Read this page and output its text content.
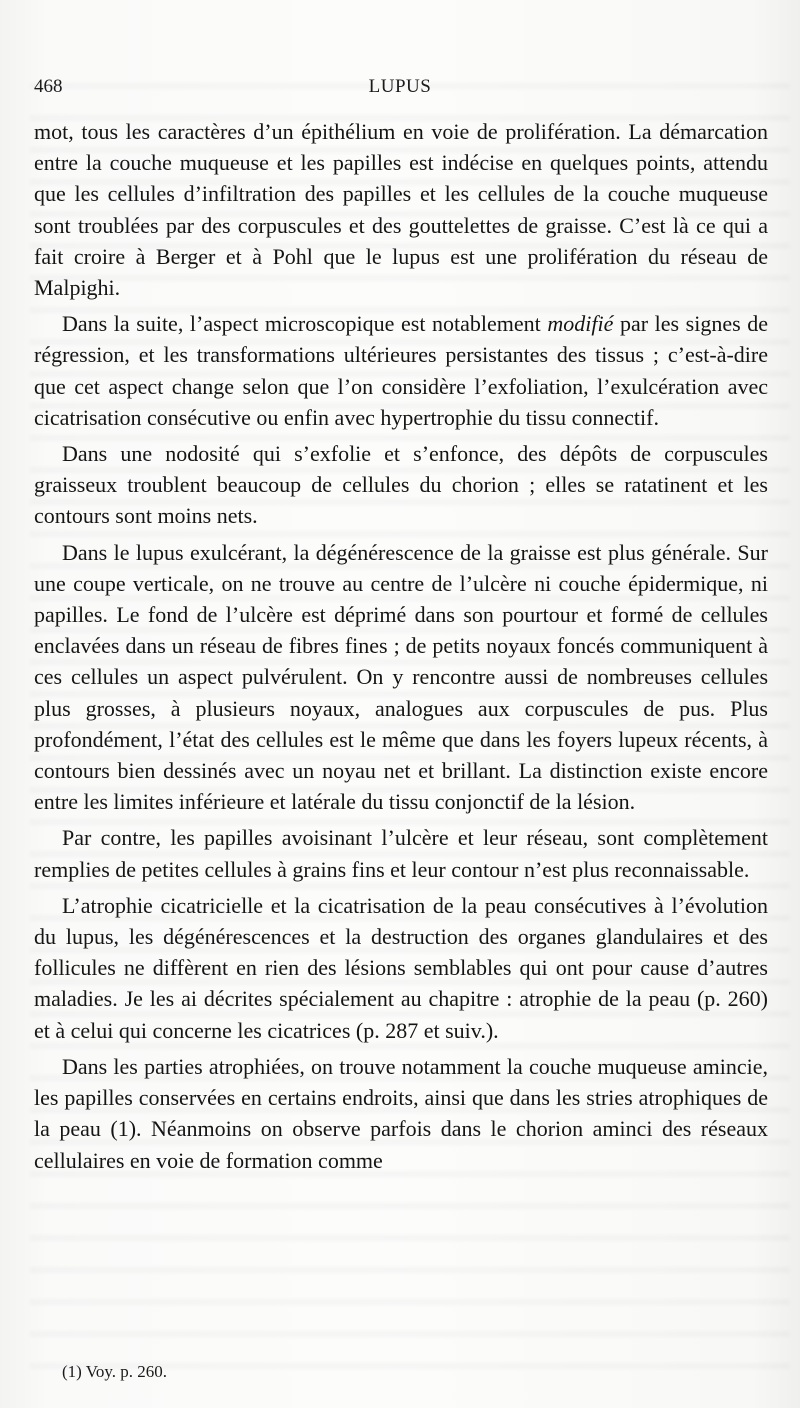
468	LUPUS

mot, tous les caractères d’un épithélium en voie de prolifération. La démarcation entre la couche muqueuse et les papilles est indécise en quelques points, attendu que les cellules d’infiltration des papilles et les cellules de la couche muqueuse sont troublées par des corpuscules et des gouttelettes de graisse. C’est là ce qui a fait croire à Berger et à Pohl que le lupus est une prolifération du réseau de Malpighi.

Dans la suite, l’aspect microscopique est notablement modifié par les signes de régression, et les transformations ultérieures persistantes des tissus ; c’est-à-dire que cet aspect change selon que l’on considère l’exfoliation, l’exulcération avec cicatrisation consécutive ou enfin avec hypertrophie du tissu connectif.

Dans une nodosité qui s’exfolie et s’enfonce, des dépôts de corpuscules graisseux troublent beaucoup de cellules du chorion ; elles se ratatinent et les contours sont moins nets.

Dans le lupus exulcérant, la dégénérescence de la graisse est plus générale. Sur une coupe verticale, on ne trouve au centre de l’ulcère ni couche épidermique, ni papilles. Le fond de l’ulcère est déprimé dans son pourtour et formé de cellules enclavées dans un réseau de fibres fines ; de petits noyaux foncés communiquent à ces cellules un aspect pulvérulent. On y rencontre aussi de nombreuses cellules plus grosses, à plusieurs noyaux, analogues aux corpuscules de pus. Plus profondément, l’état des cellules est le même que dans les foyers lupeux récents, à contours bien dessinés avec un noyau net et brillant. La distinction existe encore entre les limites inférieure et latérale du tissu conjonctif de la lésion.

Par contre, les papilles avoisinant l’ulcère et leur réseau, sont complètement remplies de petites cellules à grains fins et leur contour n’est plus reconnaissable.

L’atrophie cicatricielle et la cicatrisation de la peau consécutives à l’évolution du lupus, les dégénérescences et la destruction des organes glandulaires et des follicules ne diffèrent en rien des lésions semblables qui ont pour cause d’autres maladies. Je les ai décrites spécialement au chapitre : atrophie de la peau (p. 260) et à celui qui concerne les cicatrices (p. 287 et suiv.).

Dans les parties atrophiées, on trouve notamment la couche muqueuse amincie, les papilles conservées en certains endroits, ainsi que dans les stries atrophiques de la peau (1). Néanmoins on observe parfois dans le chorion aminci des réseaux cellulaires en voie de formation comme

(1) Voy. p. 260.
